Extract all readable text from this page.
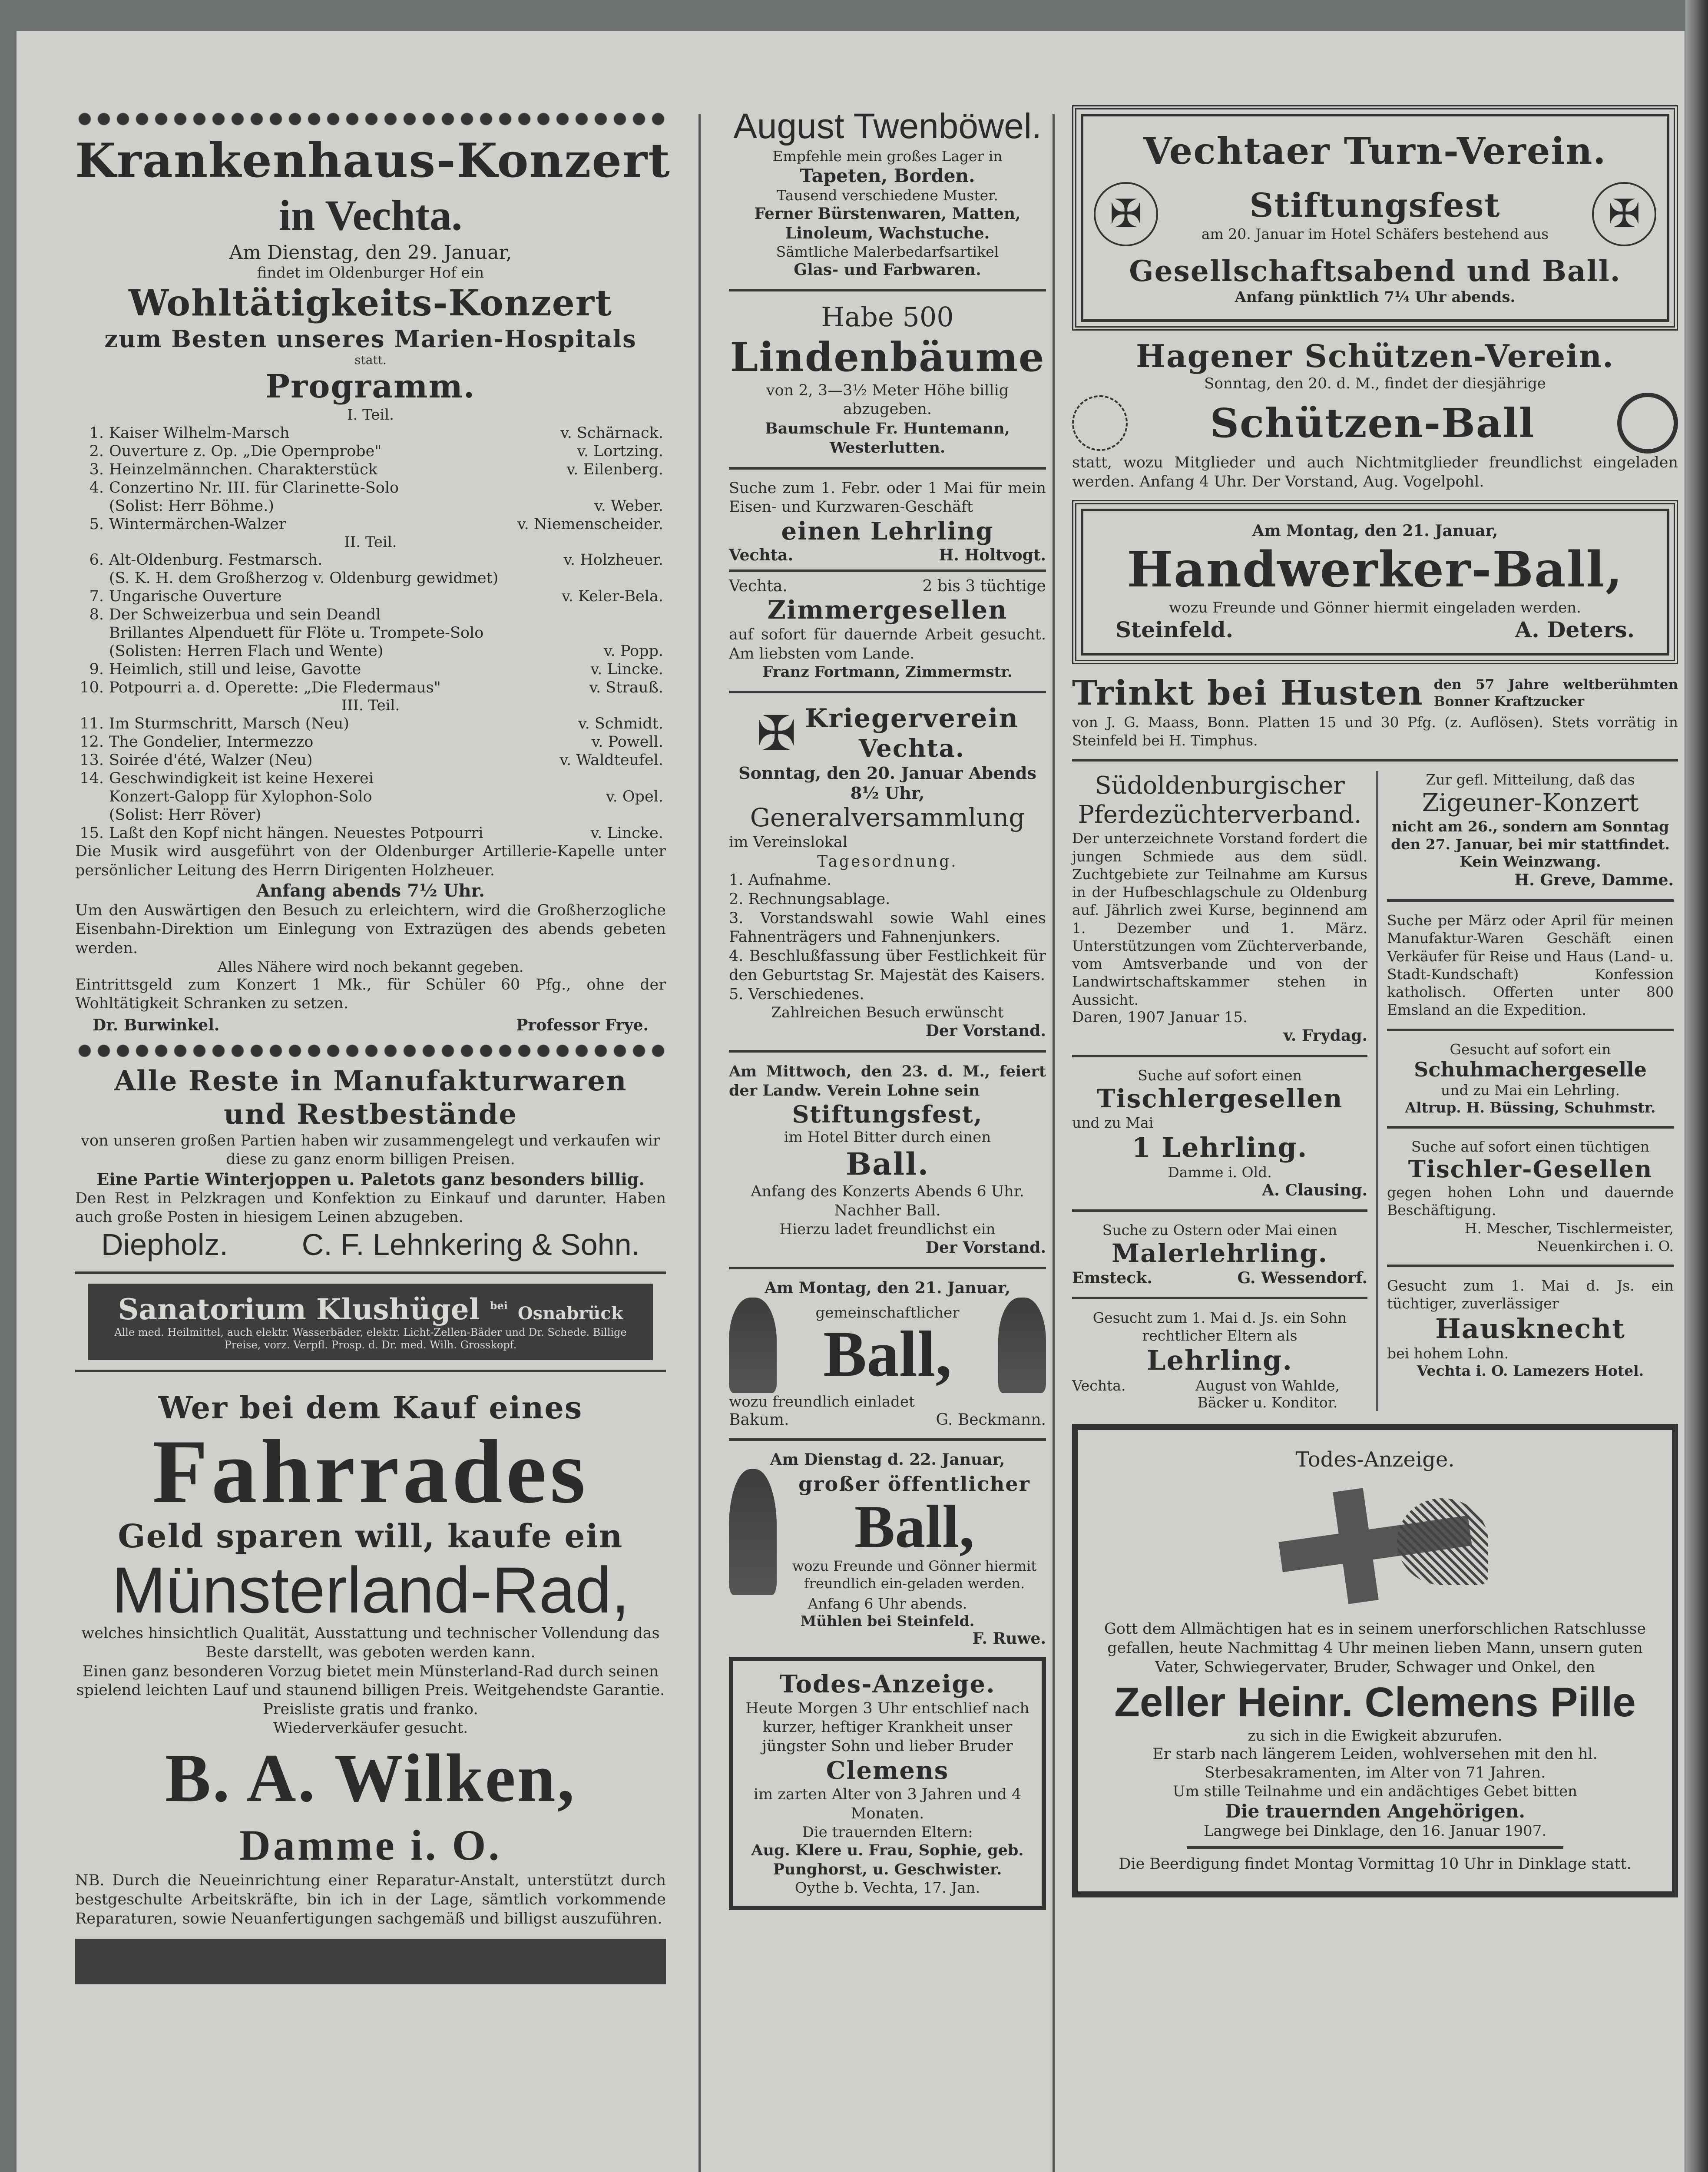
Krankenhaus-Konzert

in Vechta.

Am Dienstag, den 29. Januar,

findet im Oldenburger Hof ein

Wohltätigkeits-Konzert

zum Besten unseres Marien-Hospitals

statt.

Programm.

I. Teil.

1.	Kaiser Wilhelm-Marsch	v. Schärnack.
2.	Ouverture z. Op. „Die Opernprobe"	v. Lortzing.
3.	Heinzelmännchen. Charakterstück	v. Eilenberg.
4.	Conzertino Nr. III. für Clarinette-Solo	
	(Solist: Herr Böhme.)	v. Weber.
5.	Wintermärchen-Walzer	v. Niemenscheider.

II. Teil.

6.	Alt-Oldenburg. Festmarsch.	v. Holzheuer.
	(S. K. H. dem Großherzog v. Oldenburg gewidmet)	
7.	Ungarische Ouverture	v. Keler-Bela.
8.	Der Schweizerbua und sein Deandl	
	Brillantes Alpenduett für Flöte u. Trompete-Solo	
	(Solisten: Herren Flach und Wente)	v. Popp.
9.	Heimlich, still und leise, Gavotte	v. Lincke.
10.	Potpourri a. d. Operette: „Die Fledermaus"	v. Strauß.

III. Teil.

11.	Im Sturmschritt, Marsch (Neu)	v. Schmidt.
12.	The Gondelier, Intermezzo	v. Powell.
13.	Soirée d'été, Walzer (Neu)	v. Waldteufel.
14.	Geschwindigkeit ist keine Hexerei	
	Konzert-Galopp für Xylophon-Solo	v. Opel.
	(Solist: Herr Röver)	
15.	Laßt den Kopf nicht hängen. Neuestes Potpourri	v. Lincke.

Die Musik wird ausgeführt von der Oldenburger Artillerie-Kapelle unter persönlicher Leitung des Herrn Dirigenten Holzheuer.

Anfang abends 7½ Uhr.

Um den Auswärtigen den Besuch zu erleichtern, wird die Großherzogliche Eisenbahn-Direktion um Einlegung von Extrazügen des abends gebeten werden.

Alles Nähere wird noch bekannt gegeben.

Eintrittsgeld zum Konzert 1 Mk., für Schüler 60 Pfg., ohne der Wohltätigkeit Schranken zu setzen.

Dr. Burwinkel.	Professor Frye.

Alle Reste in Manufakturwaren

und Restbestände

von unseren großen Partien haben wir zusammengelegt und verkaufen wir diese zu ganz enorm billigen Preisen.

Eine Partie Winterjoppen u. Paletots ganz besonders billig.

Den Rest in Pelzkragen und Konfektion zu Einkauf und darunter. Haben auch große Posten in hiesigem Leinen abzugeben.

Diepholz. C. F. Lehnkering & Sohn.
Sanatorium Klushügel $^{bei}$ Osnabrück
Alle med. Heilmittel, auch elektr. Wasserbäder, elektr. Licht-Zellen-Bäder und Dr. Schede. Billige Preise, vorz. Verpfl. Prosp. d. Dr. med. Wilh. Grosskopf.

Wer bei dem Kauf eines

Fahrrades

Geld sparen will, kaufe ein

Münsterland-Rad,

welches hinsichtlich Qualität, Ausstattung und technischer Vollendung das Beste darstellt, was geboten werden kann.

Einen ganz besonderen Vorzug bietet mein Münsterland-Rad durch seinen spielend leichten Lauf und staunend billigen Preis. Weitgehendste Garantie. Preisliste gratis und franko.

Wiederverkäufer gesucht.

B. A. Wilken,

Damme i. O.

NB. Durch die Neueinrichtung einer Reparatur-Anstalt, unterstützt durch bestgeschulte Arbeitskräfte, bin ich in der Lage, sämtlich vorkommende Reparaturen, sowie Neuanfertigungen sachgemäß und billigst auszuführen.

August Twenböwel.

Empfehle mein großes Lager in

Tapeten, Borden.

Tausend verschiedene Muster.

Ferner Bürstenwaren, Matten, Linoleum, Wachstuche.

Sämtliche Malerbedarfsartikel

Glas- und Farbwaren.

Habe 500

Lindenbäume

von 2, 3—3½ Meter Höhe billig abzugeben.

Baumschule Fr. Huntemann, Westerlutten.

Suche zum 1. Febr. oder 1 Mai für mein Eisen- und Kurzwaren-Geschäft

einen Lehrling

Vechta.	H. Holtvogt.
Vechta.	2 bis 3 tüchtige

Zimmergesellen

auf sofort für dauernde Arbeit gesucht. Am liebsten vom Lande.

Franz Fortmann, Zimmermstr.

✠ Kriegerverein

Vechta.

Sonntag, den 20. Januar Abends 8½ Uhr,

Generalversammlung

im Vereinslokal

Tagesordnung.

1. Aufnahme.

2. Rechnungsablage.

3. Vorstandswahl sowie Wahl eines Fahnenträgers und Fahnenjunkers.

4. Beschlußfassung über Festlichkeit für den Geburtstag Sr. Majestät des Kaisers.

5. Verschiedenes.

Zahlreichen Besuch erwünscht

Der Vorstand.

Am Mittwoch, den 23. d. M., feiert der Landw. Verein Lohne sein

Stiftungsfest,

im Hotel Bitter durch einen

Ball.

Anfang des Konzerts Abends 6 Uhr. Nachher Ball.

Hierzu ladet freundlichst ein

Der Vorstand.

Am Montag, den 21. Januar,

gemeinschaftlicher

Ball,

wozu freundlich einladet

Bakum.	G. Beckmann.

Am Dienstag d. 22. Januar,

großer öffentlicher

Ball,

wozu Freunde und Gönner hiermit freundlich ein-geladen werden.

Anfang 6 Uhr abends.

Mühlen bei Steinfeld.

F. Ruwe.

Todes-Anzeige.

Heute Morgen 3 Uhr entschlief nach kurzer, heftiger Krankheit unser jüngster Sohn und lieber Bruder

Clemens

im zarten Alter von 3 Jahren und 4 Monaten.

Die trauernden Eltern:

Aug. Klere u. Frau, Sophie, geb. Punghorst, u. Geschwister.

Oythe b. Vechta, 17. Jan.

Vechtaer Turn-Verein.

✠	Stiftungsfest

am 20. Januar im Hotel Schäfers bestehend aus	✠

Gesellschaftsabend und Ball.

Anfang pünktlich 7¼ Uhr abends.

Hagener Schützen-Verein.

Sonntag, den 20. d. M., findet der diesjährige

Schützen-Ball

statt, wozu Mitglieder und auch Nichtmitglieder freundlichst eingeladen werden. Anfang 4 Uhr. Der Vorstand, Aug. Vogelpohl.

Am Montag, den 21. Januar,

Handwerker-Ball,

wozu Freunde und Gönner hiermit eingeladen werden.

Steinfeld.	A. Deters.

Trinkt bei Husten den 57 Jahre weltberühmten Bonner Kraftzucker

von J. G. Maass, Bonn. Platten 15 und 30 Pfg. (z. Auflösen). Stets vorrätig in Steinfeld bei H. Timphus.

Südoldenburgischer

Pferdezüchterverband.

Der unterzeichnete Vorstand fordert die jungen Schmiede aus dem südl. Zuchtgebiete zur Teilnahme am Kursus in der Hufbeschlagschule zu Oldenburg auf. Jährlich zwei Kurse, beginnend am 1. Dezember und 1. März. Unterstützungen vom Züchterverbande, vom Amtsverbande und von der Landwirtschaftskammer stehen in Aussicht.

Daren, 1907 Januar 15.

v. Frydag.

Suche auf sofort einen

Tischlergesellen

und zu Mai

1 Lehrling.

Damme i. Old.

A. Clausing.

Suche zu Ostern oder Mai einen

Malerlehrling.

Emsteck.	G. Wessendorf.

Gesucht zum 1. Mai d. Js. ein Sohn rechtlicher Eltern als

Lehrling.

Vechta.	August von Wahlde, Bäcker u. Konditor.

Zur gefl. Mitteilung, daß das

Zigeuner-Konzert

nicht am 26., sondern am Sonntag den 27. Januar, bei mir stattfindet.

Kein Weinzwang.

H. Greve, Damme.

Suche per März oder April für meinen Manufaktur-Waren Geschäft einen Verkäufer für Reise und Haus (Land- u. Stadt-Kundschaft) Konfession katholisch. Offerten unter 800 Emsland an die Expedition.

Gesucht auf sofort ein

Schuhmachergeselle

und zu Mai ein Lehrling.

Altrup. H. Büssing, Schuhmstr.

Suche auf sofort einen tüchtigen

Tischler-Gesellen

gegen hohen Lohn und dauernde Beschäftigung.

H. Mescher, Tischlermeister, Neuenkirchen i. O.

Gesucht zum 1. Mai d. Js. ein tüchtiger, zuverlässiger

Hausknecht

bei hohem Lohn.

Vechta i. O. Lamezers Hotel.

Todes-Anzeige.

Gott dem Allmächtigen hat es in seinem unerforschlichen Ratschlusse gefallen, heute Nachmittag 4 Uhr meinen lieben Mann, unsern guten Vater, Schwiegervater, Bruder, Schwager und Onkel, den

Zeller Heinr. Clemens Pille

zu sich in die Ewigkeit abzurufen.

Er starb nach längerem Leiden, wohlversehen mit den hl. Sterbesakramenten, im Alter von 71 Jahren.

Um stille Teilnahme und ein andächtiges Gebet bitten

Die trauernden Angehörigen.

Langwege bei Dinklage, den 16. Januar 1907.

Die Beerdigung findet Montag Vormittag 10 Uhr in Dinklage statt.
